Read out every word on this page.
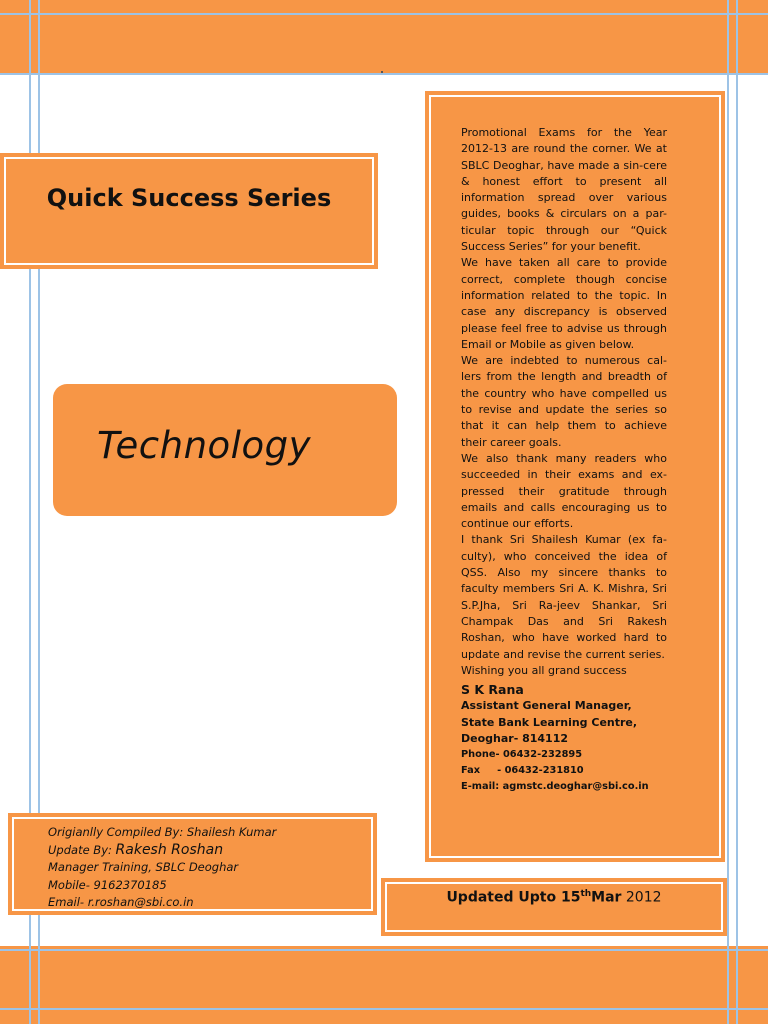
Quick Success Series
Technology

Promotional Exams for the Year 2012-13 are round the corner. We at SBLC Deoghar, have made a sin-cere & honest effort to present all information spread over various guides, books & circulars on a par-ticular topic through our “Quick Success Series” for your benefit.

We have taken all care to provide correct, complete though concise information related to the topic. In case any discrepancy is observed please feel free to advise us through Email or Mobile as given below.

We are indebted to numerous cal-lers from the length and breadth of the country who have compelled us to revise and update the series so that it can help them to achieve their career goals.

We also thank many readers who succeeded in their exams and ex-pressed their gratitude through emails and calls encouraging us to continue our efforts.

I thank Sri Shailesh Kumar (ex fa-culty), who conceived the idea of QSS. Also my sincere thanks to faculty members Sri A. K. Mishra, Sri S.P.Jha, Sri Ra-jeev Shankar, Sri Champak Das and Sri Rakesh Roshan, who have worked hard to update and revise the current series.

Wishing you all grand success

S K Rana

Assistant General Manager,

State Bank Learning Centre,

Deoghar- 814112

Phone- 06432-232895

Fax     - 06432-231810

E-mail: agmstc.deoghar@sbi.co.in

Origianlly Compiled By: Shailesh Kumar
Update By: Rakesh Roshan
Manager Training, SBLC Deoghar
Mobile- 9162370185
Email- r.roshan@sbi.co.in	Updated Upto 15thMar 2012
